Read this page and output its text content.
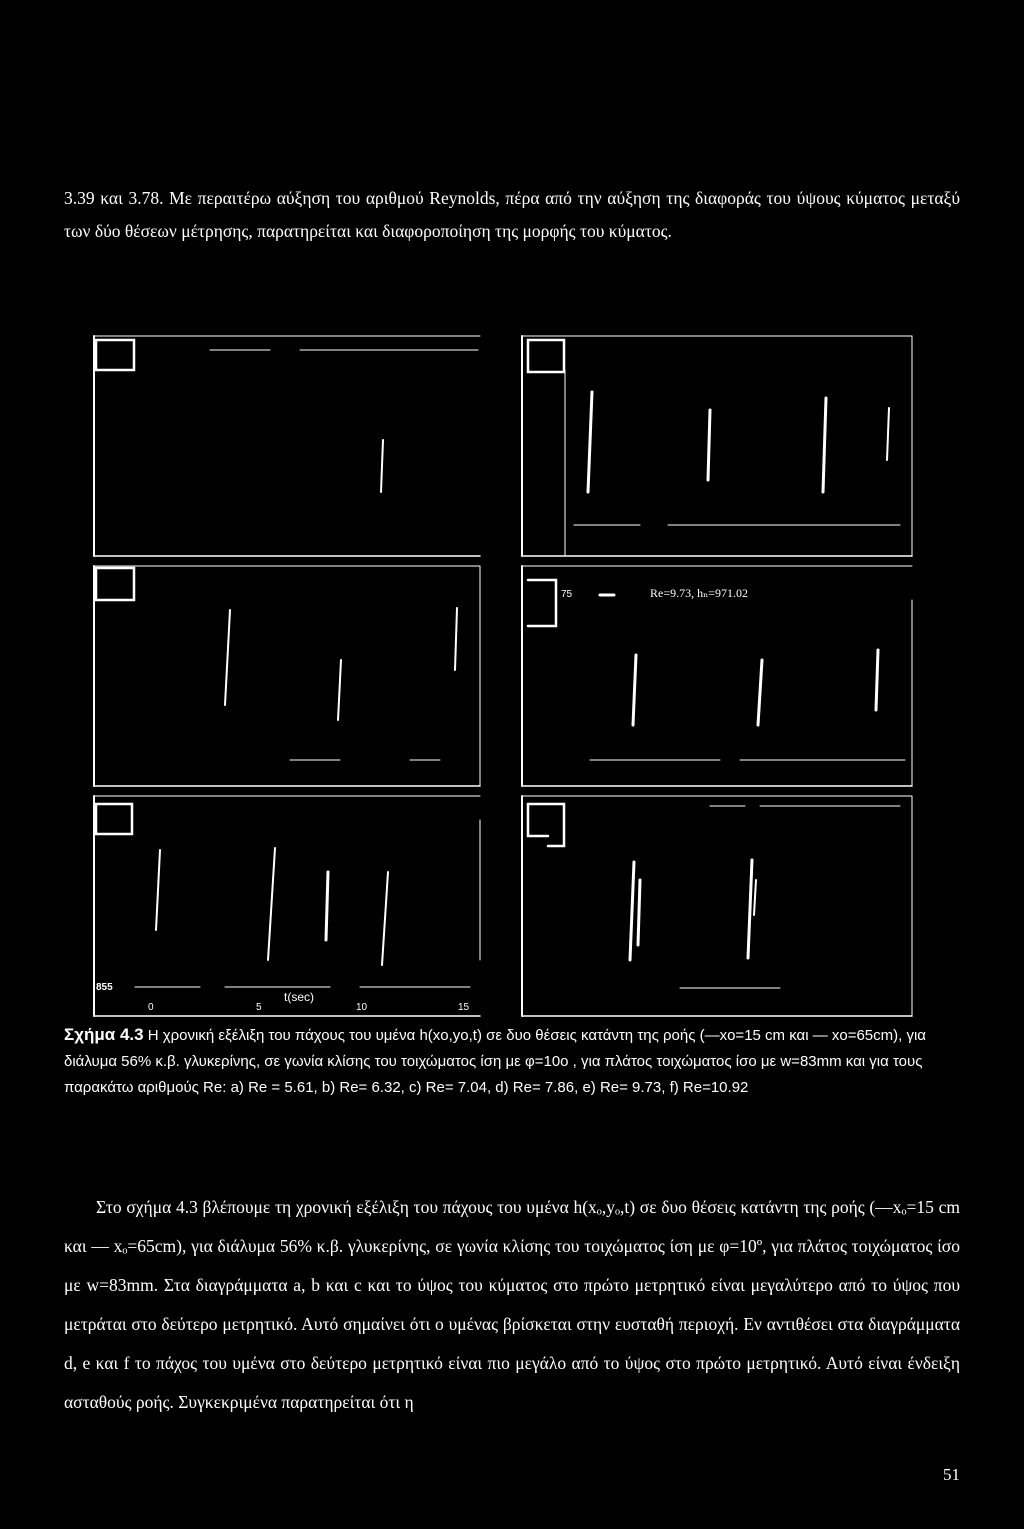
3.39 και 3.78. Με περαιτέρω αύξηση του αριθμού Reynolds, πέρα από την αύξηση της διαφοράς του ύψους κύματος μεταξύ των δύο θέσεων μέτρησης, παρατηρείται και διαφοροποίηση της μορφής του κύματος.

75	Re=9.73, hₙ=971.02
855
t(sec)
0	5	10	15

Σχήμα 4.3 Η χρονική εξέλιξη του πάχους του υμένα h(xo,yo,t) σε δυο θέσεις κατάντη της ροής (—xo=15 cm και — xo=65cm), για διάλυμα 56% κ.β. γλυκερίνης, σε γωνία κλίσης του τοιχώματος ίση με φ=10ο , για πλάτος τοιχώματος ίσο με w=83mm και για τους παρακάτω αριθμούς Re: a) Re = 5.61, b) Re= 6.32, c) Re= 7.04, d) Re= 7.86, e) Re= 9.73, f) Re=10.92

Στο σχήμα 4.3 βλέπουμε τη χρονική εξέλιξη του πάχους του υμένα h(xₒ,yₒ,t) σε δυο θέσεις κατάντη της ροής (—xₒ=15 cm και — xₒ=65cm), για διάλυμα 56% κ.β. γλυκερίνης, σε γωνία κλίσης του τοιχώματος ίση με φ=10º, για πλάτος τοιχώματος ίσο με w=83mm. Στα διαγράμματα a, b και c και το ύψος του κύματος στο πρώτο μετρητικό είναι μεγαλύτερο από το ύψος που μετράται στο δεύτερο μετρητικό. Αυτό σημαίνει ότι ο υμένας βρίσκεται στην ευσταθή περιοχή. Εν αντιθέσει στα διαγράμματα d, e και f το πάχος του υμένα στο δεύτερο μετρητικό είναι πιο μεγάλο από το ύψος στο πρώτο μετρητικό. Αυτό είναι ένδειξη ασταθούς ροής. Συγκεκριμένα παρατηρείται ότι η

51
